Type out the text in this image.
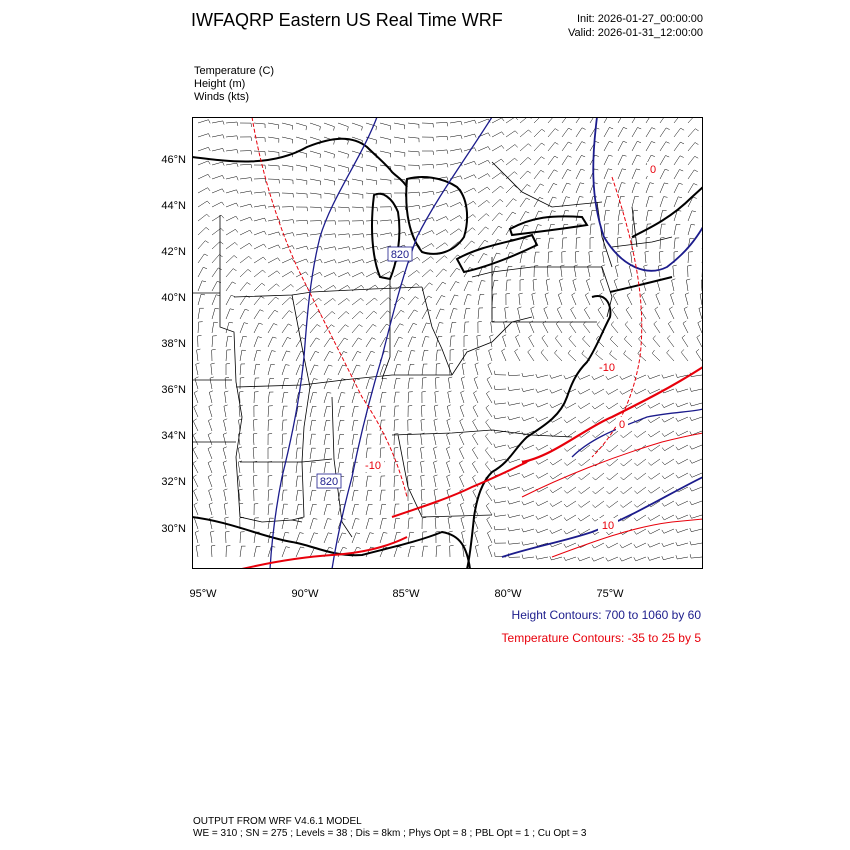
IWFAQRP Eastern US Real Time WRF	Init: 2026-01-27_00:00:00
Valid: 2026-01-31_12:00:00
Temperature (C)
Height (m)
Winds (kts)
820
820
-10
0
10
-10
0
46°N
44°N
42°N
40°N
38°N
36°N
34°N
32°N
30°N
95°W	90°W	85°W	80°W	75°W
Height Contours: 700 to 1060 by 60
Temperature Contours: -35 to 25 by 5
OUTPUT FROM WRF V4.6.1 MODEL
WE = 310 ; SN = 275 ; Levels = 38 ; Dis = 8km ; Phys Opt = 8 ; PBL Opt = 1 ; Cu Opt = 3
